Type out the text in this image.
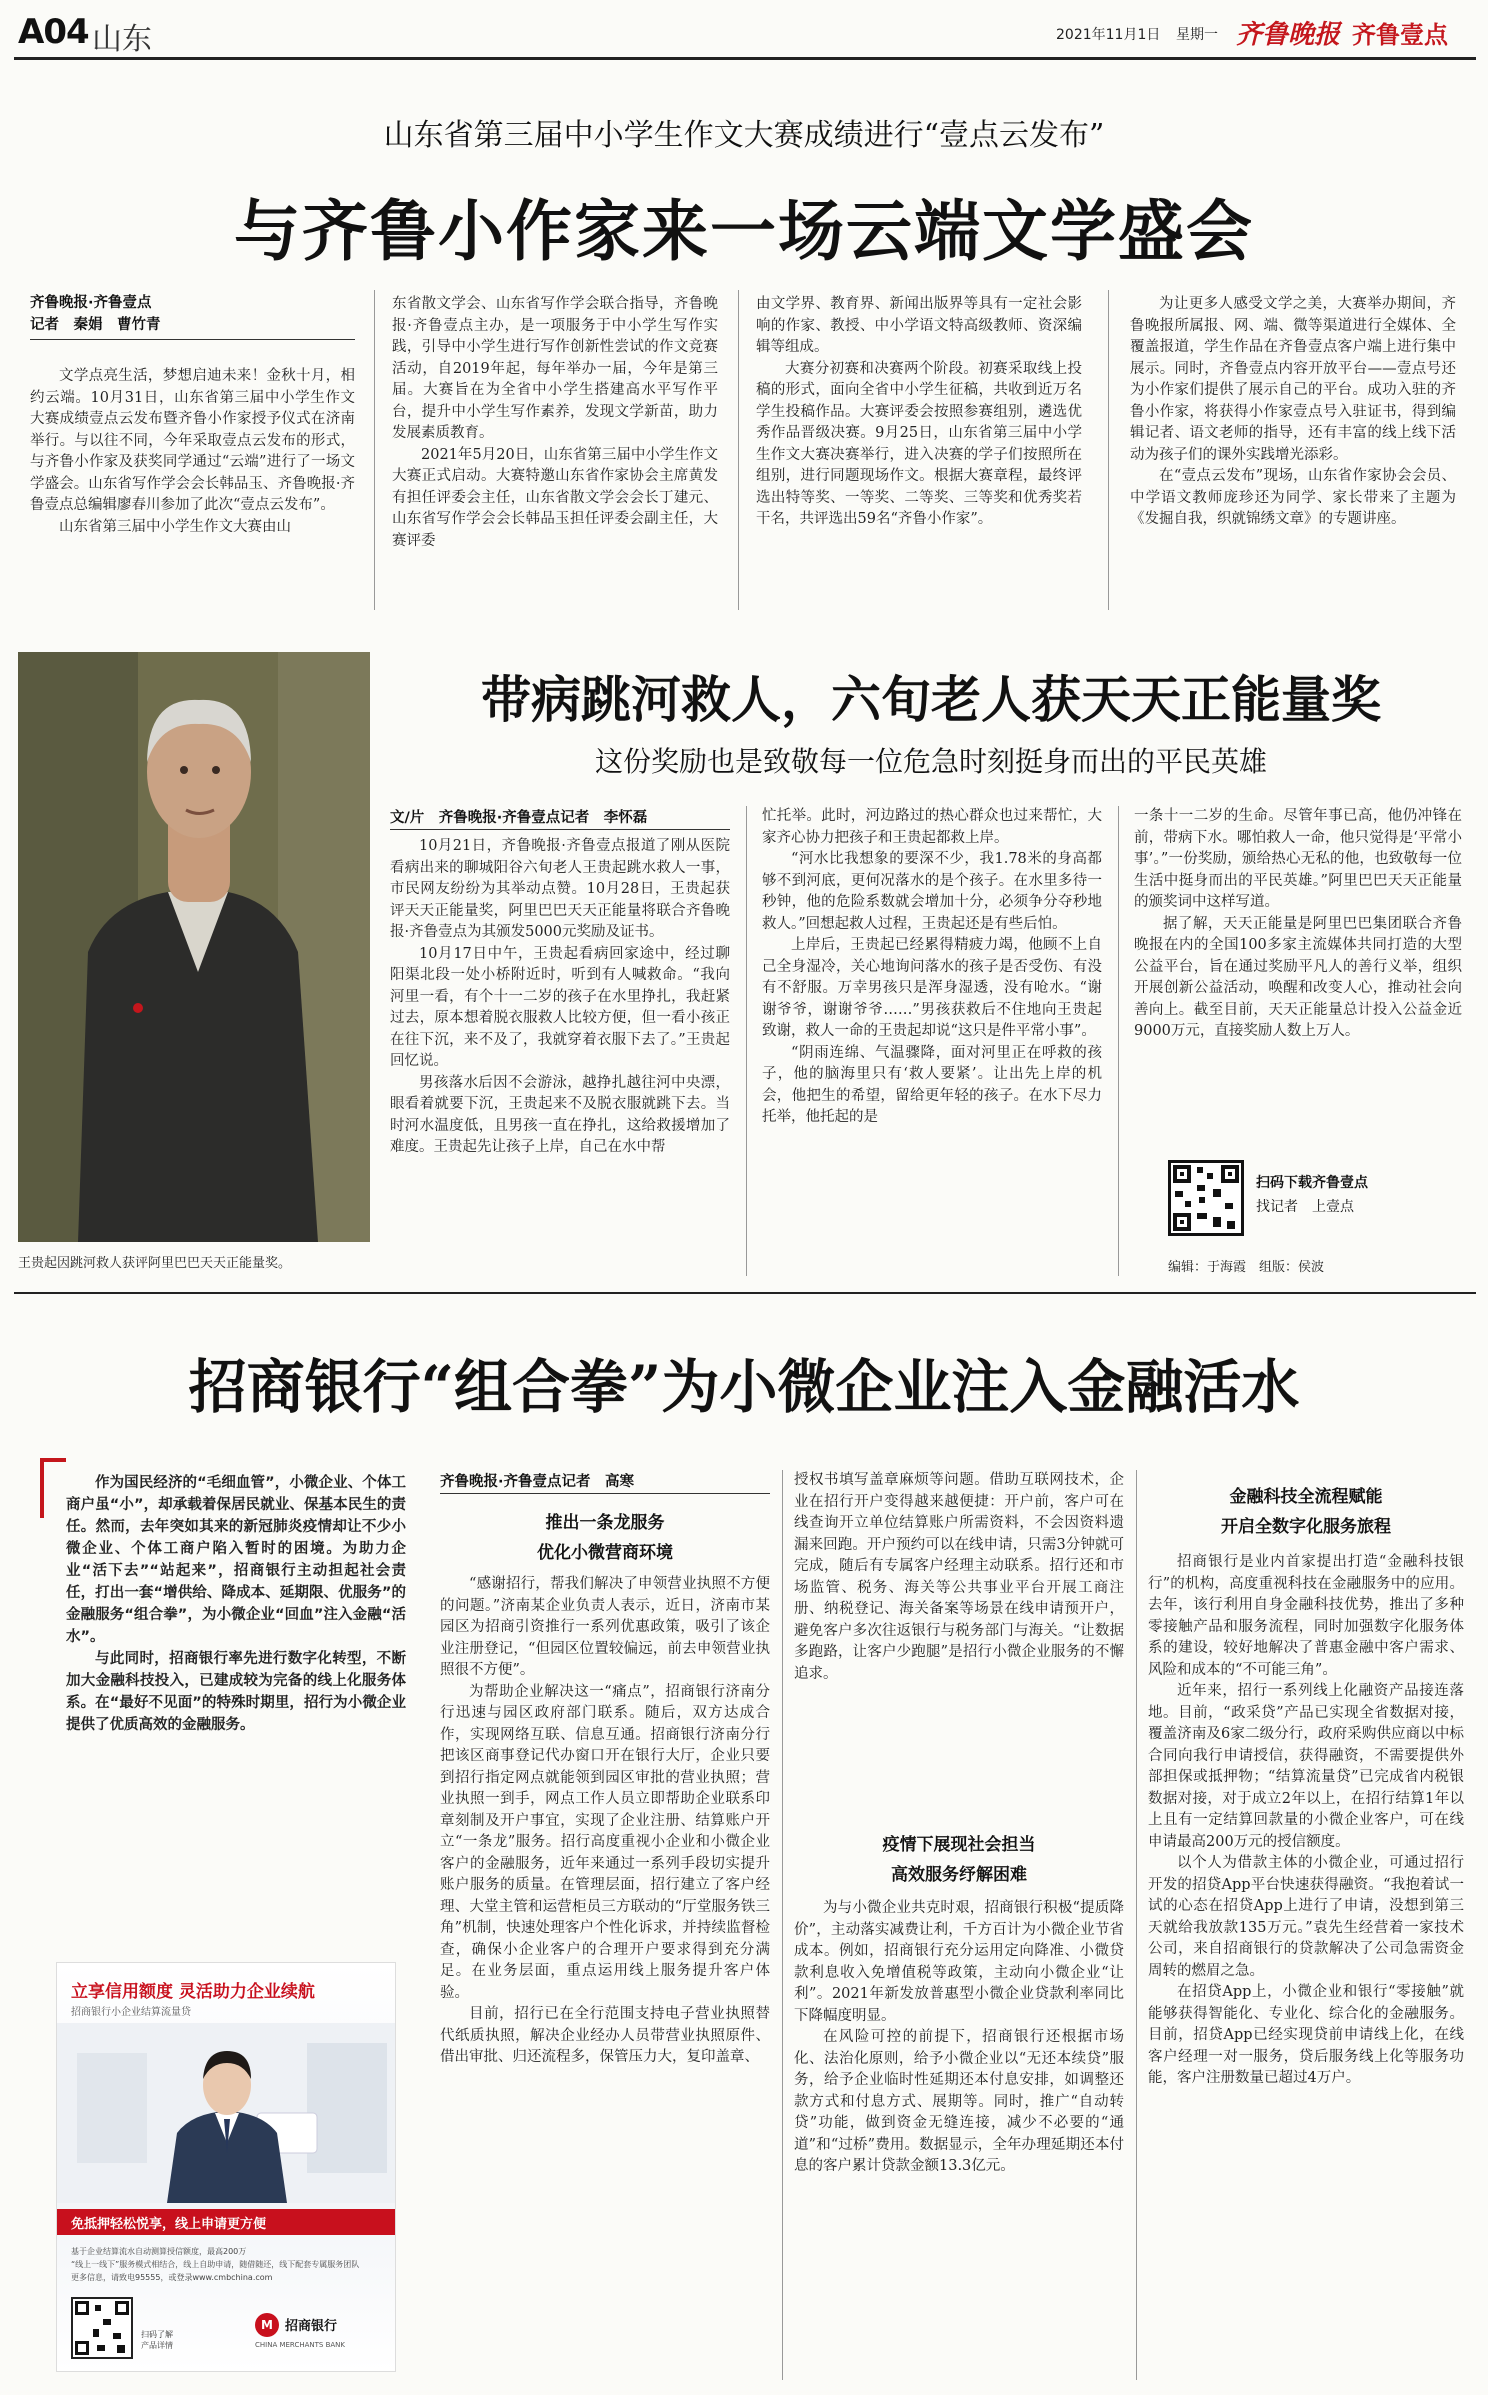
A04 山东	2021年11月1日 星期一 齐鲁晚报 齐鲁壹点
山东省第三届中小学生作文大赛成绩进行“壹点云发布”
与齐鲁小作家来一场云端文学盛会
齐鲁晚报·齐鲁壹点
记者　秦娟　曹竹青

文学点亮生活，梦想启迪未来！金秋十月，相约云端。10月31日，山东省第三届中小学生作文大赛成绩壹点云发布暨齐鲁小作家授予仪式在济南举行。与以往不同，今年采取壹点云发布的形式，与齐鲁小作家及获奖同学通过“云端”进行了一场文学盛会。山东省写作学会会长韩品玉、齐鲁晚报·齐鲁壹点总编辑廖春川参加了此次“壹点云发布”。

山东省第三届中小学生作文大赛由山

东省散文学会、山东省写作学会联合指导，齐鲁晚报·齐鲁壹点主办，是一项服务于中小学生写作实践，引导中小学生进行写作创新性尝试的作文竞赛活动，自2019年起，每年举办一届，今年是第三届。大赛旨在为全省中小学生搭建高水平写作平台，提升中小学生写作素养，发现文学新苗，助力发展素质教育。

2021年5月20日，山东省第三届中小学生作文大赛正式启动。大赛特邀山东省作家协会主席黄发有担任评委会主任，山东省散文学会会长丁建元、山东省写作学会会长韩品玉担任评委会副主任，大赛评委

由文学界、教育界、新闻出版界等具有一定社会影响的作家、教授、中小学语文特高级教师、资深编辑等组成。

大赛分初赛和决赛两个阶段。初赛采取线上投稿的形式，面向全省中小学生征稿，共收到近万名学生投稿作品。大赛评委会按照参赛组别，遴选优秀作品晋级决赛。9月25日，山东省第三届中小学生作文大赛决赛举行，进入决赛的学子们按照所在组别，进行同题现场作文。根据大赛章程，最终评选出特等奖、一等奖、二等奖、三等奖和优秀奖若干名，共评选出59名“齐鲁小作家”。

为让更多人感受文学之美，大赛举办期间，齐鲁晚报所属报、网、端、微等渠道进行全媒体、全覆盖报道，学生作品在齐鲁壹点客户端上进行集中展示。同时，齐鲁壹点内容开放平台——壹点号还为小作家们提供了展示自己的平台。成功入驻的齐鲁小作家，将获得小作家壹点号入驻证书，得到编辑记者、语文老师的指导，还有丰富的线上线下活动为孩子们的课外实践增光添彩。

在“壹点云发布”现场，山东省作家协会会员、中学语文教师庞珍还为同学、家长带来了主题为《发掘自我，织就锦绣文章》的专题讲座。

王贵起因跳河救人获评阿里巴巴天天正能量奖。
带病跳河救人，六旬老人获天天正能量奖
这份奖励也是致敬每一位危急时刻挺身而出的平民英雄
文/片　齐鲁晚报·齐鲁壹点记者　李怀磊

10月21日，齐鲁晚报·齐鲁壹点报道了刚从医院看病出来的聊城阳谷六旬老人王贵起跳水救人一事，市民网友纷纷为其举动点赞。10月28日，王贵起获评天天正能量奖，阿里巴巴天天正能量将联合齐鲁晚报·齐鲁壹点为其颁发5000元奖励及证书。

10月17日中午，王贵起看病回家途中，经过聊阳渠北段一处小桥附近时，听到有人喊救命。“我向河里一看，有个十一二岁的孩子在水里挣扎，我赶紧过去，原本想着脱衣服救人比较方便，但一看小孩正在往下沉，来不及了，我就穿着衣服下去了。”王贵起回忆说。

男孩落水后因不会游泳，越挣扎越往河中央漂，眼看着就要下沉，王贵起来不及脱衣服就跳下去。当时河水温度低，且男孩一直在挣扎，这给救援增加了难度。王贵起先让孩子上岸，自己在水中帮

忙托举。此时，河边路过的热心群众也过来帮忙，大家齐心协力把孩子和王贵起都救上岸。

“河水比我想象的要深不少，我1.78米的身高都够不到河底，更何况落水的是个孩子。在水里多待一秒钟，他的危险系数就会增加十分，必须争分夺秒地救人。”回想起救人过程，王贵起还是有些后怕。

上岸后，王贵起已经累得精疲力竭，他顾不上自己全身湿冷，关心地询问落水的孩子是否受伤、有没有不舒服。万幸男孩只是浑身湿透，没有呛水。“谢谢爷爷，谢谢爷爷……”男孩获救后不住地向王贵起致谢，救人一命的王贵起却说“这只是件平常小事”。

“阴雨连绵、气温骤降，面对河里正在呼救的孩子，他的脑海里只有‘救人要紧’。让出先上岸的机会，他把生的希望，留给更年轻的孩子。在水下尽力托举，他托起的是

一条十一二岁的生命。尽管年事已高，他仍冲锋在前，带病下水。哪怕救人一命，他只觉得是‘平常小事’。”一份奖励，颁给热心无私的他，也致敬每一位生活中挺身而出的平民英雄。”阿里巴巴天天正能量的颁奖词中这样写道。

据了解，天天正能量是阿里巴巴集团联合齐鲁晚报在内的全国100多家主流媒体共同打造的大型公益平台，旨在通过奖励平凡人的善行义举，组织开展创新公益活动，唤醒和改变人心，推动社会向善向上。截至目前，天天正能量总计投入公益金近9000万元，直接奖励人数上万人。

扫码下载齐鲁壹点
找记者　上壹点
编辑：于海霞　组版：侯波
招商银行“组合拳”为小微企业注入金融活水

作为国民经济的“毛细血管”，小微企业、个体工商户虽“小”，却承载着保居民就业、保基本民生的责任。然而，去年突如其来的新冠肺炎疫情却让不少小微企业、个体工商户陷入暂时的困境。为助力企业“活下去”“站起来”，招商银行主动担起社会责任，打出一套“增供给、降成本、延期限、优服务”的金融服务“组合拳”，为小微企业“回血”注入金融“活水”。

与此同时，招商银行率先进行数字化转型，不断加大金融科技投入，已建成较为完备的线上化服务体系。在“最好不见面”的特殊时期里，招行为小微企业提供了优质高效的金融服务。

立享信用额度 灵活助力企业续航
招商银行小企业结算流量贷
免抵押轻松悦享，线上申请更方便
基于企业结算流水自动测算授信额度，最高200万
“线上一线下”服务模式相结合，线上自助申请，随借随还，线下配套专属服务团队
更多信息，请致电95555，或登录www.cmbchina.com
扫码了解
产品详情
M 招商银行
CHINA MERCHANTS BANK
齐鲁晚报·齐鲁壹点记者　高寒
推出一条龙服务
优化小微营商环境

“感谢招行，帮我们解决了申领营业执照不方便的问题。”济南某企业负责人表示，近日，济南市某园区为招商引资推行一系列优惠政策，吸引了该企业注册登记，“但园区位置较偏远，前去申领营业执照很不方便”。

为帮助企业解决这一“痛点”，招商银行济南分行迅速与园区政府部门联系。随后，双方达成合作，实现网络互联、信息互通。招商银行济南分行把该区商事登记代办窗口开在银行大厅，企业只要到招行指定网点就能领到园区审批的营业执照；营业执照一到手，网点工作人员立即帮助企业联系印章刻制及开户事宜，实现了企业注册、结算账户开立“一条龙”服务。招行高度重视小企业和小微企业客户的金融服务，近年来通过一系列手段切实提升账户服务的质量。在管理层面，招行建立了客户经理、大堂主管和运营柜员三方联动的“厅堂服务铁三角”机制，快速处理客户个性化诉求，并持续监督检查，确保小企业客户的合理开户要求得到充分满足。在业务层面，重点运用线上服务提升客户体验。

目前，招行已在全行范围支持电子营业执照替代纸质执照，解决企业经办人员带营业执照原件、借出审批、归还流程多，保管压力大，复印盖章、

授权书填写盖章麻烦等问题。借助互联网技术，企业在招行开户变得越来越便捷：开户前，客户可在线查询开立单位结算账户所需资料，不会因资料遗漏来回跑。开户预约可以在线申请，只需3分钟就可完成，随后有专属客户经理主动联系。招行还和市场监管、税务、海关等公共事业平台开展工商注册、纳税登记、海关备案等场景在线申请预开户，避免客户多次往返银行与税务部门与海关。“让数据多跑路，让客户少跑腿”是招行小微企业服务的不懈追求。

疫情下展现社会担当
高效服务纾解困难

为与小微企业共克时艰，招商银行积极“提质降价”，主动落实减费让利，千方百计为小微企业节省成本。例如，招商银行充分运用定向降准、小微贷款利息收入免增值税等政策，主动向小微企业“让利”。2021年新发放普惠型小微企业贷款利率同比下降幅度明显。

在风险可控的前提下，招商银行还根据市场化、法治化原则，给予小微企业以“无还本续贷”服务，给予企业临时性延期还本付息安排，如调整还款方式和付息方式、展期等。同时，推广“自动转贷”功能，做到资金无缝连接，减少不必要的“通道”和“过桥”费用。数据显示，全年办理延期还本付息的客户累计贷款金额13.3亿元。

金融科技全流程赋能
开启全数字化服务旅程

招商银行是业内首家提出打造“金融科技银行”的机构，高度重视科技在金融服务中的应用。去年，该行利用自身金融科技优势，推出了多种零接触产品和服务流程，同时加强数字化服务体系的建设，较好地解决了普惠金融中客户需求、风险和成本的“不可能三角”。

近年来，招行一系列线上化融资产品接连落地。目前，“政采贷”产品已实现全省数据对接，覆盖济南及6家二级分行，政府采购供应商以中标合同向我行申请授信，获得融资，不需要提供外部担保或抵押物；“结算流量贷”已完成省内税银数据对接，对于成立2年以上，在招行结算1年以上且有一定结算回款量的小微企业客户，可在线申请最高200万元的授信额度。

以个人为借款主体的小微企业，可通过招行开发的招贷App平台快速获得融资。“我抱着试一试的心态在招贷App上进行了申请，没想到第三天就给我放款135万元。”袁先生经营着一家技术公司，来自招商银行的贷款解决了公司急需资金周转的燃眉之急。

在招贷App上，小微企业和银行“零接触”就能够获得智能化、专业化、综合化的金融服务。目前，招贷App已经实现贷前申请线上化，在线客户经理一对一服务，贷后服务线上化等服务功能，客户注册数量已超过4万户。
